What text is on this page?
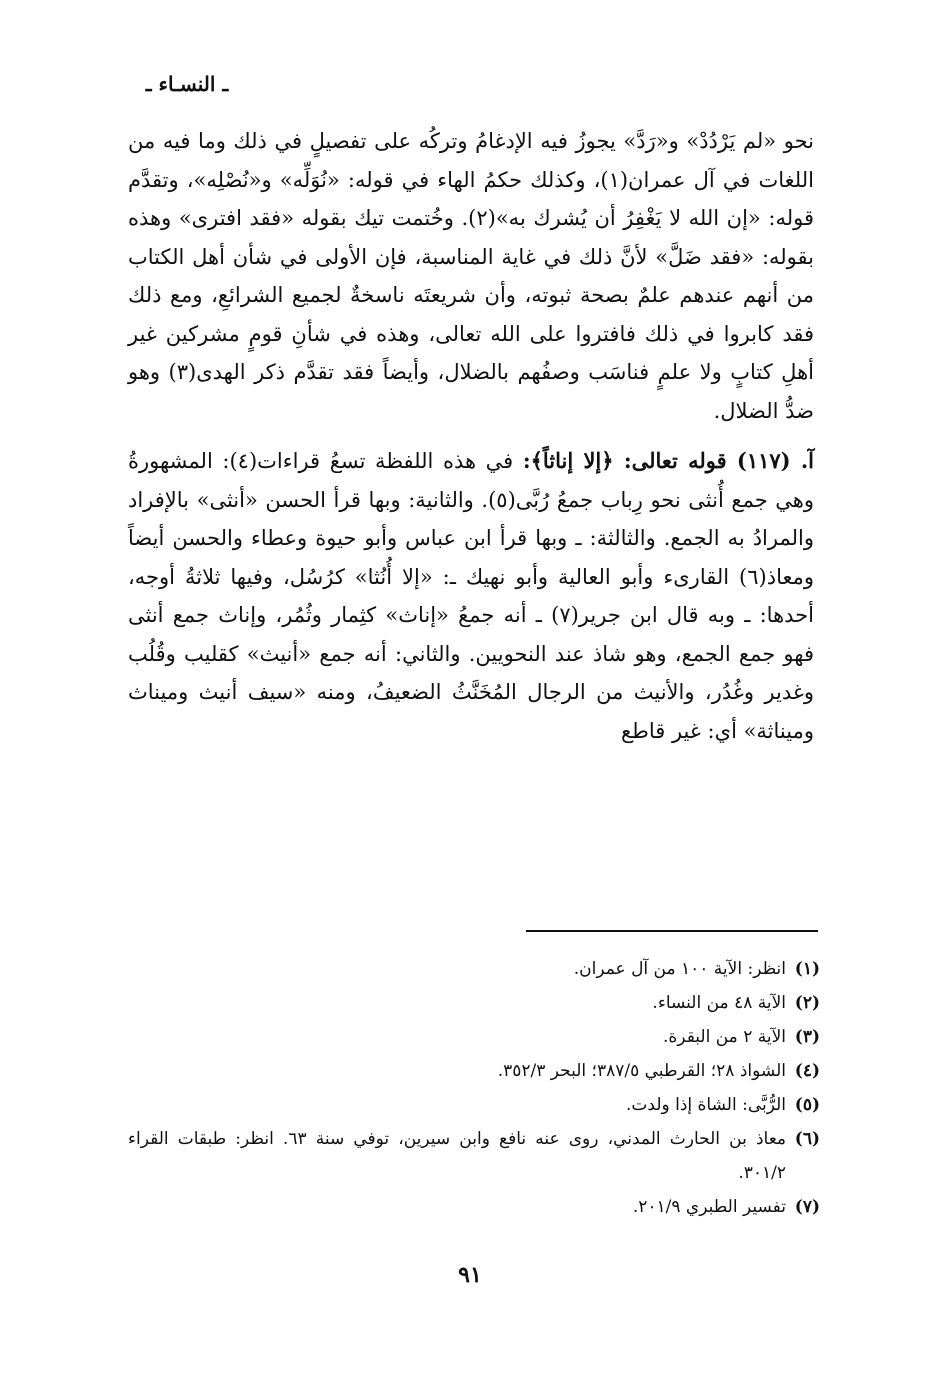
ـ النسـاء ـ

نحو «لم يَرْدُدْ» و«رَدَّ» يجوزُ فيه الإدغامُ وتركُه على تفصيلٍ في ذلك وما فيه من اللغات في آل عمران(١)، وكذلك حكمُ الهاء في قوله: «نُوَلِّه» و«نُصْلِه»، وتقدَّم قوله: «إن الله لا يَغْفِرُ أن يُشرك به»(٢). وخُتمت تيك بقوله «فقد افترى» وهذه بقوله: «فقد ضَلَّ» لأنَّ ذلك في غاية المناسبة، فإن الأولى في شأن أهل الكتاب من أنهم عندهم علمٌ بصحة ثبوته، وأن شريعتَه ناسخةٌ لجميع الشرائعِ، ومع ذلك فقد كابروا في ذلك فافتروا على الله تعالى، وهذه في شأنِ قومٍ مشركين غير أهلِ كتابٍ ولا علمٍ فناسَب وصفُهم بالضلال، وأيضاً فقد تقدَّم ذكر الهدى(٣) وهو ضدُّ الضلال.

آ. (١١٧) قوله تعالى: ﴿إلا إناثاً﴾: في هذه اللفظة تسعُ قراءات(٤): المشهورةُ وهي جمع أُنثى نحو رِباب جمعُ رُبَّى(٥). والثانية: وبها قرأ الحسن «أنثى» بالإفراد والمرادُ به الجمع. والثالثة: ـ وبها قرأ ابن عباس وأبو حيوة وعطاء والحسن أيضاً ومعاذ(٦) القارىء وأبو العالية وأبو نهيك ـ: «إلا أُنُثا» كرُسُل، وفيها ثلاثةُ أوجه، أحدها: ـ وبه قال ابن جرير(٧) ـ أنه جمعُ «إناث» كثِمار وثُمُر، وإناث جمع أنثى فهو جمع الجمع، وهو شاذ عند النحويين. والثاني: أنه جمع «أنيث» كقليب وقُلُب وغدير وغُدُر، والأنيث من الرجال المُخَنَّثُ الضعيفُ، ومنه «سيف أنيث وميناث وميناثة» أي: غير قاطع

(١)
انظر: الآية ١٠٠ من آل عمران.
(٢)
الآية ٤٨ من النساء.
(٣)
الآية ٢ من البقرة.
(٤)
الشواذ ٢٨؛ القرطبي ٣٨٧/٥؛ البحر ٣٥٢/٣.
(٥)
الرُّبَّى: الشاة إذا ولدت.
(٦)
معاذ بن الحارث المدني، روى عنه نافع وابن سيرين، توفي سنة ٦٣. انظر: طبقات القراء ٣٠١/٢.
(٧)
تفسير الطبري ٢٠١/٩.
٩١
